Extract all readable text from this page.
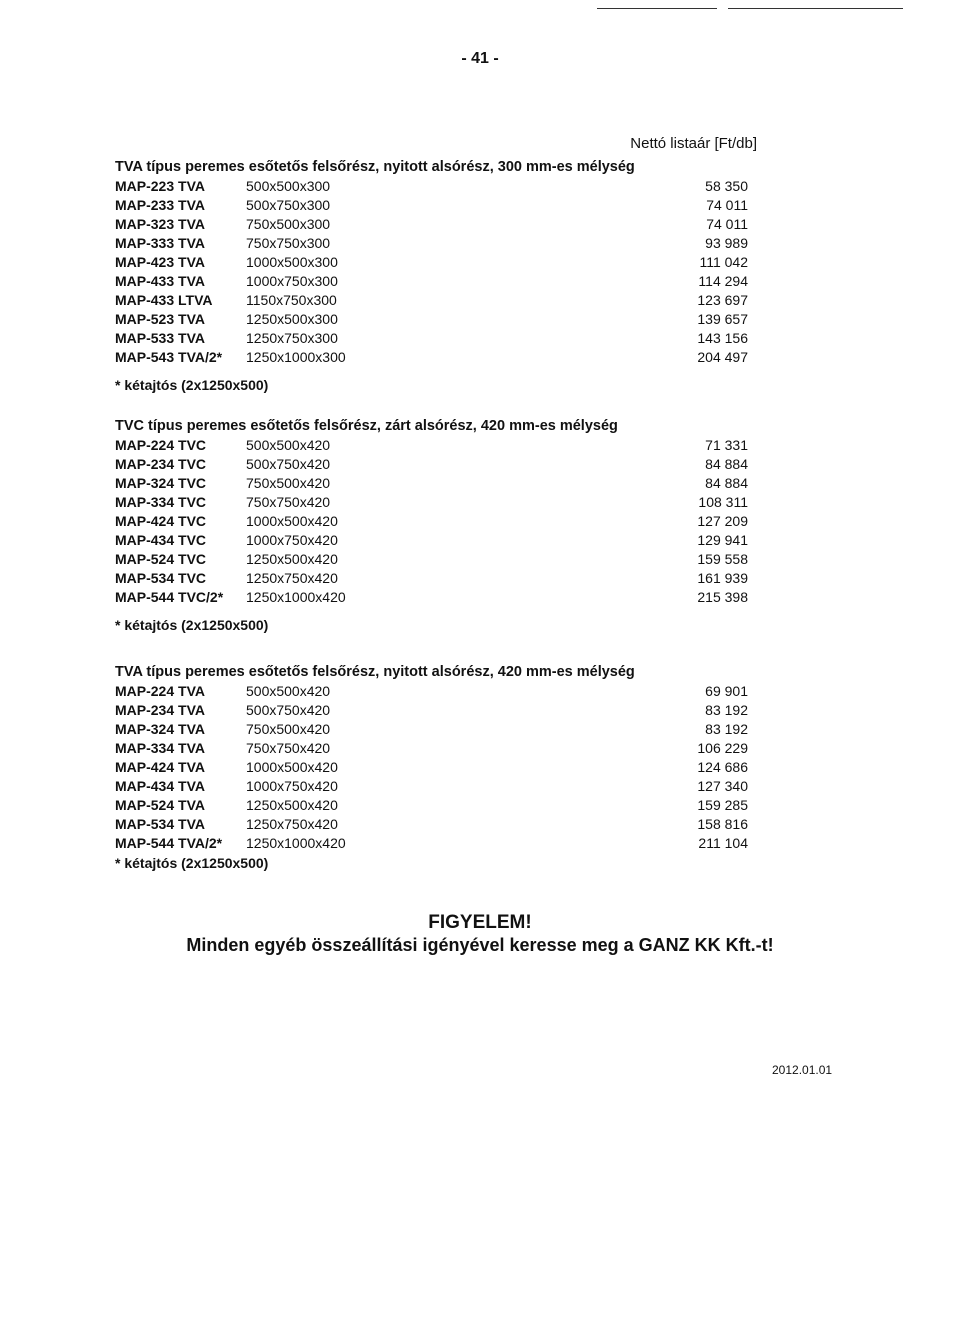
- 41 -
Nettó listaár [Ft/db]
TVA típus peremes esőtetős felsőrész, nyitott alsórész, 300 mm-es mélység
MAP-223 TVA	500x500x300	58 350
MAP-233 TVA	500x750x300	74 011
MAP-323 TVA	750x500x300	74 011
MAP-333 TVA	750x750x300	93 989
MAP-423 TVA	1000x500x300	111 042
MAP-433 TVA	1000x750x300	114 294
MAP-433 LTVA 1150x750x300	123 697
MAP-523 TVA	1250x500x300	139 657
MAP-533 TVA	1250x750x300	143 156
MAP-543 TVA/2* 1250x1000x300	204 497
* kétajtós (2x1250x500)
TVC típus peremes esőtetős felsőrész, zárt alsórész, 420 mm-es mélység
MAP-224 TVC	500x500x420	71 331
MAP-234 TVC	500x750x420	84 884
MAP-324 TVC	750x500x420	84 884
MAP-334 TVC	750x750x420	108 311
MAP-424 TVC	1000x500x420	127 209
MAP-434 TVC	1000x750x420	129 941
MAP-524 TVC	1250x500x420	159 558
MAP-534 TVC	1250x750x420	161 939
MAP-544 TVC/2* 1250x1000x420	215 398
* kétajtós (2x1250x500)
TVA típus peremes esőtetős felsőrész, nyitott alsórész, 420 mm-es mélység
MAP-224 TVA	500x500x420	69 901
MAP-234 TVA	500x750x420	83 192
MAP-324 TVA	750x500x420	83 192
MAP-334 TVA	750x750x420	106 229
MAP-424 TVA	1000x500x420	124 686
MAP-434 TVA	1000x750x420	127 340
MAP-524 TVA	1250x500x420	159 285
MAP-534 TVA	1250x750x420	158 816
MAP-544 TVA/2* 1250x1000x420	211 104
* kétajtós (2x1250x500)
FIGYELEM!
Minden egyéb összeállítási igényével keresse meg a GANZ KK Kft.-t!
2012.01.01
